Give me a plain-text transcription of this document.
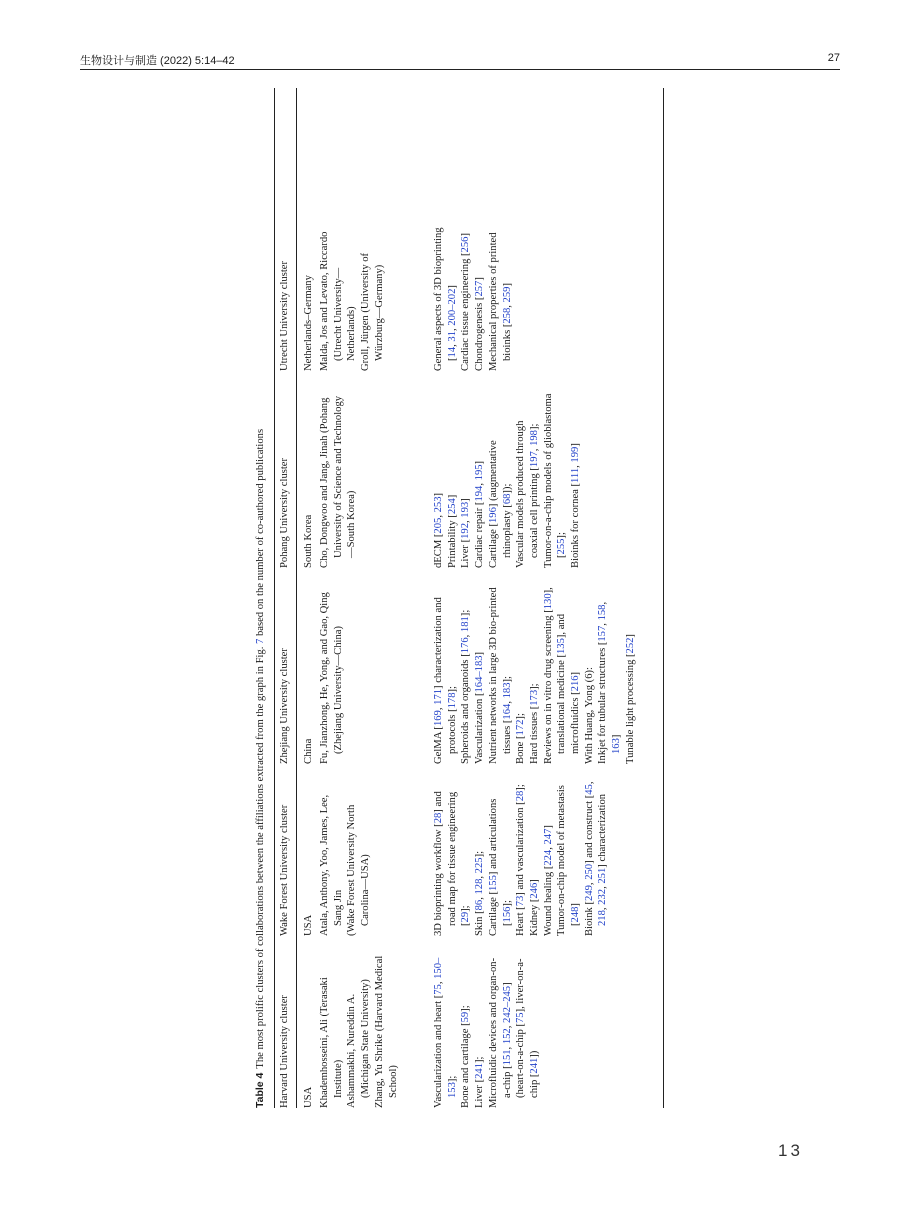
生物设计与制造 (2022) 5:14–42	27
Table 4The most prolific clusters of collaborations between the affiliations extracted from the graph in Fig. 7 based on the number of co-authored publications
Harvard University cluster
Wake Forest University cluster
Zhejiang University cluster
Pohang University cluster
Utrecht University cluster
USA
USA
China
South Korea
Netherlands–Germany
Khademhosseini, Ali (Terasaki Institute) Ashammakhi, Nureddin A. (Michigan State University) Zhang, Yu Shrike (Harvard Medical School)
Atala, Anthony, Yoo, James, Lee, Sang Jin (Wake Forest University North Carolina—USA)
Fu, Jianzhong, He, Yong, and Gao, Qing (Zhejiang University—China)
Cho, Dongwoo and Jang, Jinah (Pohang University of Science and Technology—South Korea)
Malda, Jos and Levato, Riccardo (Utrecht University—Netherlands) Groll, Jürgen (University of Würzburg—Germany)
Vascularization and heart [75, 150–153]; Bone and cartilage [59];
Liver [241]; Microfluidic devices and organ-on-a-chip [151, 152, 242–245] (heart-on-a-chip [75], liver-on-a-chip [241])
3D bioprinting workflow [28] and road map for tissue engineering [29];
Skin [86, 128, 225];
Cartilage [155] and articulations [156];
Heart [73] and vascularization [28];
Kidney [246] Wound healing [224, 247] Tumor-on-chip model of metastasis [248] Bioink [249, 250] and construct [45, 218, 232, 251] characterization
GelMA [169, 171] characterization and protocols [178]; Spheroids and organoids [176, 181];
Vascularization [164–183] Nutrient networks in large 3D bio-printed tissues [164, 183];
Bone [172]; Hard tissues [173]; Reviews on in vitro drug screening [130], translational medicine [135], and microfluidics [216] With Huang, Yong (6): Inkjet for tubular structures [157, 158, 163] Tunable light processing [252]
dECM [205, 253]
Printability [254]
Liver [192, 193]
Cardiac repair [194, 195]
Cartilage [196] (augmentative rhinoplasty [68]); Vascular models produced through coaxial cell printing [197, 198]; Tumor-on-a-chip models of glioblastoma [255]; Bioinks for cornea [111, 199]
General aspects of 3D bioprinting [14, 31, 200–202] Cardiac tissue engineering [256]
Chondrogenesis [257] Mechanical properties of printed bioinks [258, 259]
13
